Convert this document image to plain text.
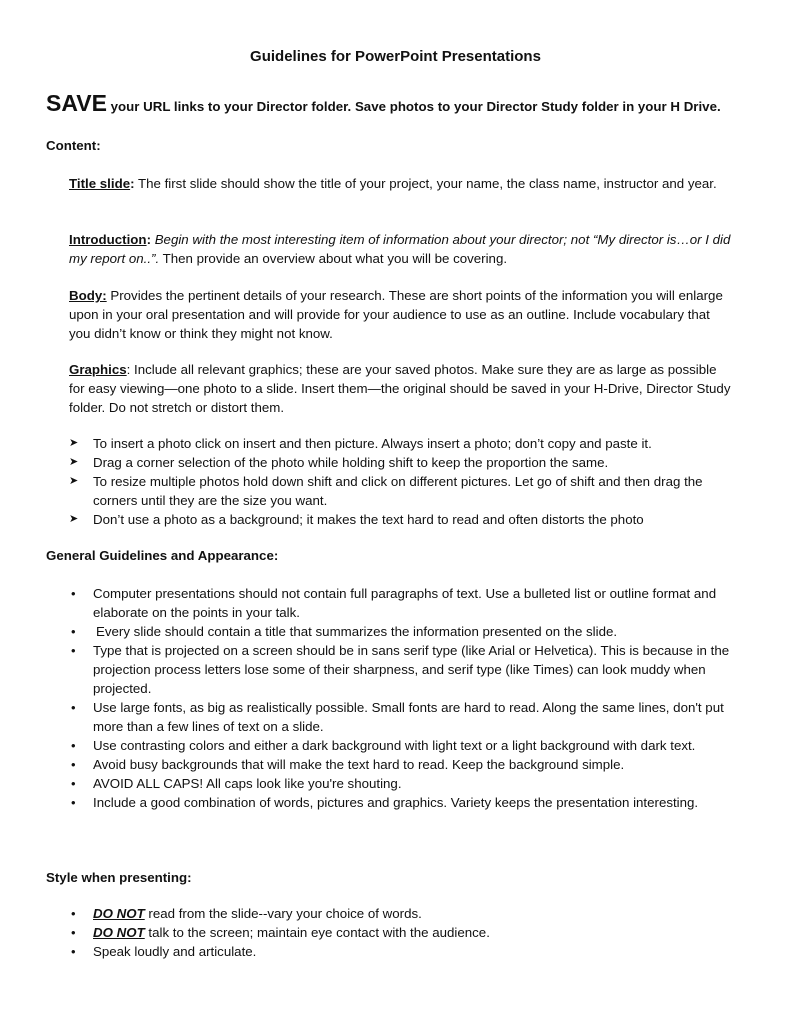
Guidelines for PowerPoint Presentations
SAVE your URL links to your Director folder. Save photos to your Director Study folder in your H Drive.
Content:
Title slide: The first slide should show the title of your project, your name, the class name, instructor and year.
Introduction: Begin with the most interesting item of information about your director; not “My director is…or I did my report on..”. Then provide an overview about what you will be covering.
Body: Provides the pertinent details of your research. These are short points of the information you will enlarge upon in your oral presentation and will provide for your audience to use as an outline. Include vocabulary that you didn’t know or think they might not know.
Graphics: Include all relevant graphics; these are your saved photos. Make sure they are as large as possible for easy viewing—one photo to a slide. Insert them—the original should be saved in your H-Drive, Director Study folder. Do not stretch or distort them.
➤ To insert a photo click on insert and then picture. Always insert a photo; don’t copy and paste it.
➤ Drag a corner selection of the photo while holding shift to keep the proportion the same.
➤ To resize multiple photos hold down shift and click on different pictures. Let go of shift and then drag the corners until they are the size you want.
➤ Don’t use a photo as a background; it makes the text hard to read and often distorts the photo
General Guidelines and Appearance:
• Computer presentations should not contain full paragraphs of text. Use a bulleted list or outline format and elaborate on the points in your talk.
• Every slide should contain a title that summarizes the information presented on the slide.
• Type that is projected on a screen should be in sans serif type (like Arial or Helvetica). This is because in the projection process letters lose some of their sharpness, and serif type (like Times) can look muddy when projected.
• Use large fonts, as big as realistically possible. Small fonts are hard to read. Along the same lines, don't put more than a few lines of text on a slide.
• Use contrasting colors and either a dark background with light text or a light background with dark text.
• Avoid busy backgrounds that will make the text hard to read. Keep the background simple.
• AVOID ALL CAPS! All caps look like you're shouting.
• Include a good combination of words, pictures and graphics. Variety keeps the presentation interesting.
Style when presenting:
• DO NOT read from the slide--vary your choice of words.
• DO NOT talk to the screen; maintain eye contact with the audience.
• Speak loudly and articulate.
